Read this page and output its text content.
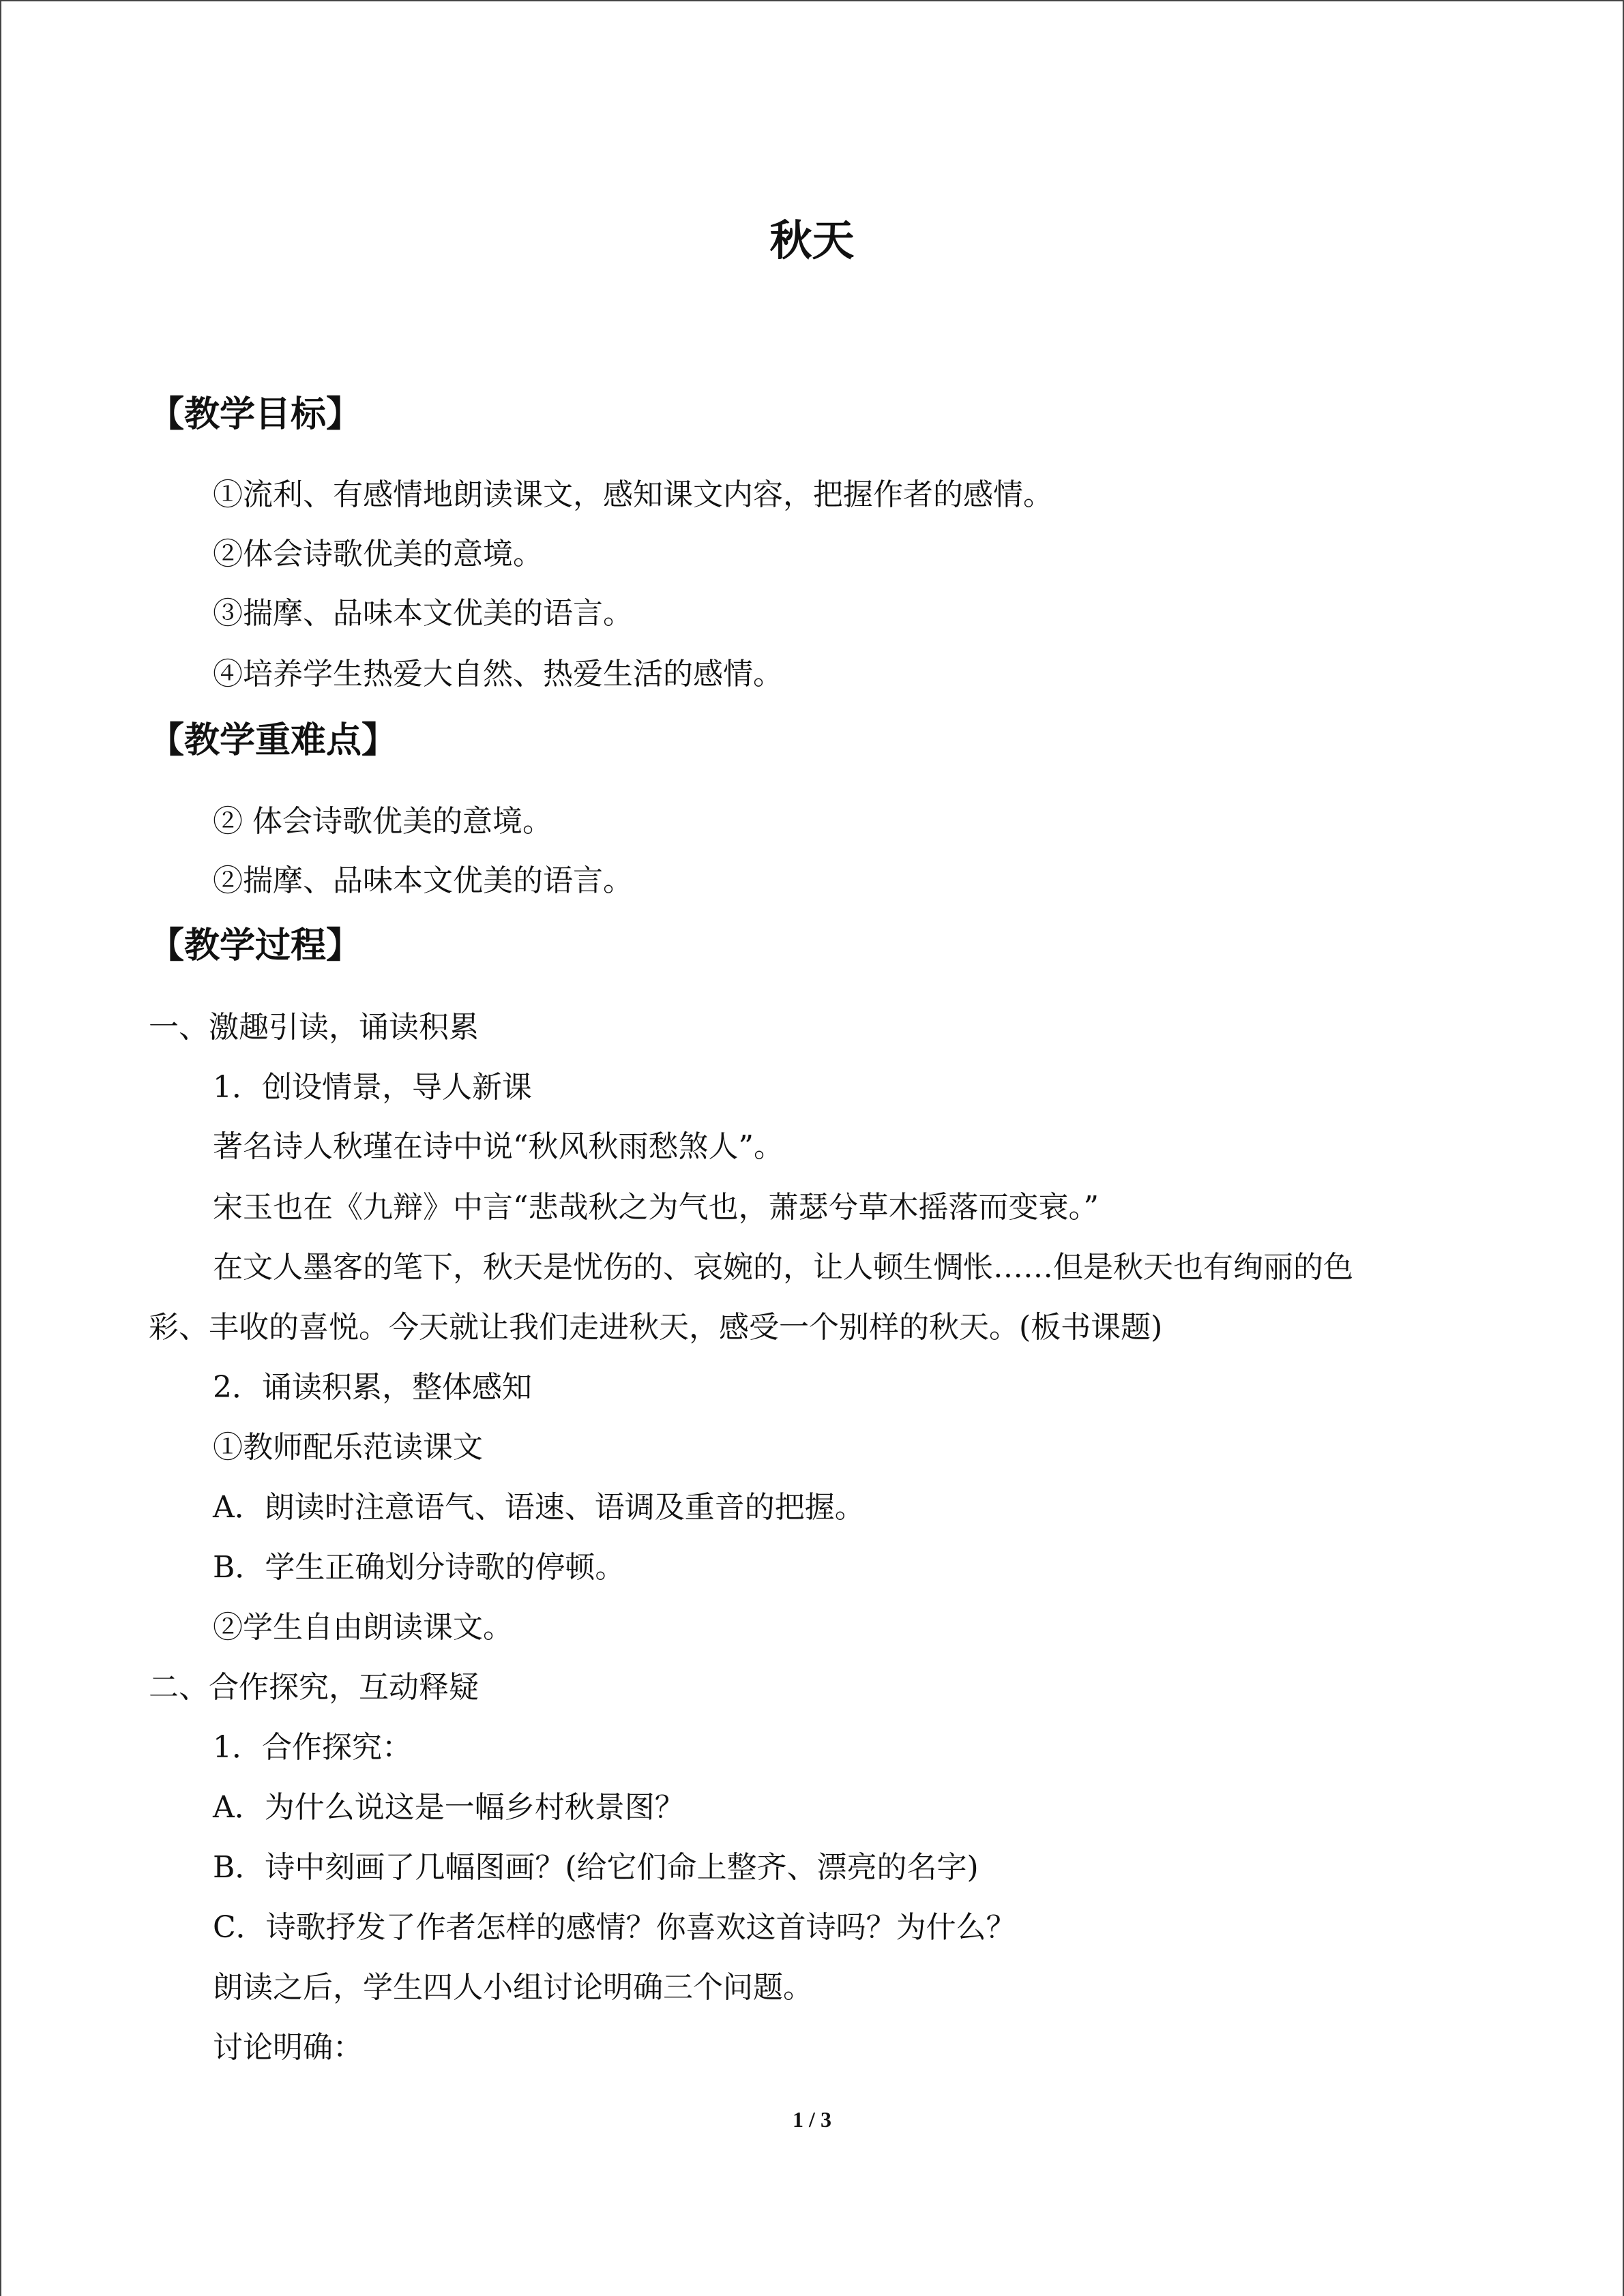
秋天
【教学目标】
①流利、有感情地朗读课文，感知课文内容，把握作者的感情。
②体会诗歌优美的意境。
③揣摩、品味本文优美的语言。
④培养学生热爱大自然、热爱生活的感情。
【教学重难点】
② 体会诗歌优美的意境。
②揣摩、品味本文优美的语言。
【教学过程】
一、激趣引读，诵读积累
1．创设情景，导人新课
著名诗人秋瑾在诗中说“秋风秋雨愁煞人”。
宋玉也在《九辩》中言“悲哉秋之为气也，萧瑟兮草木摇落而变衰。”
在文人墨客的笔下，秋天是忧伤的、哀婉的，让人顿生惆怅……但是秋天也有绚丽的色
彩、丰收的喜悦。今天就让我们走进秋天，感受一个别样的秋天。(板书课题)
2．诵读积累，整体感知
①教师配乐范读课文
A．朗读时注意语气、语速、语调及重音的把握。
B．学生正确划分诗歌的停顿。
②学生自由朗读课文。
二、合作探究，互动释疑
1．合作探究：
A．为什么说这是一幅乡村秋景图？
B．诗中刻画了几幅图画？(给它们命上整齐、漂亮的名字)
C．诗歌抒发了作者怎样的感情？你喜欢这首诗吗？为什么？
朗读之后，学生四人小组讨论明确三个问题。
讨论明确：
1 / 3
